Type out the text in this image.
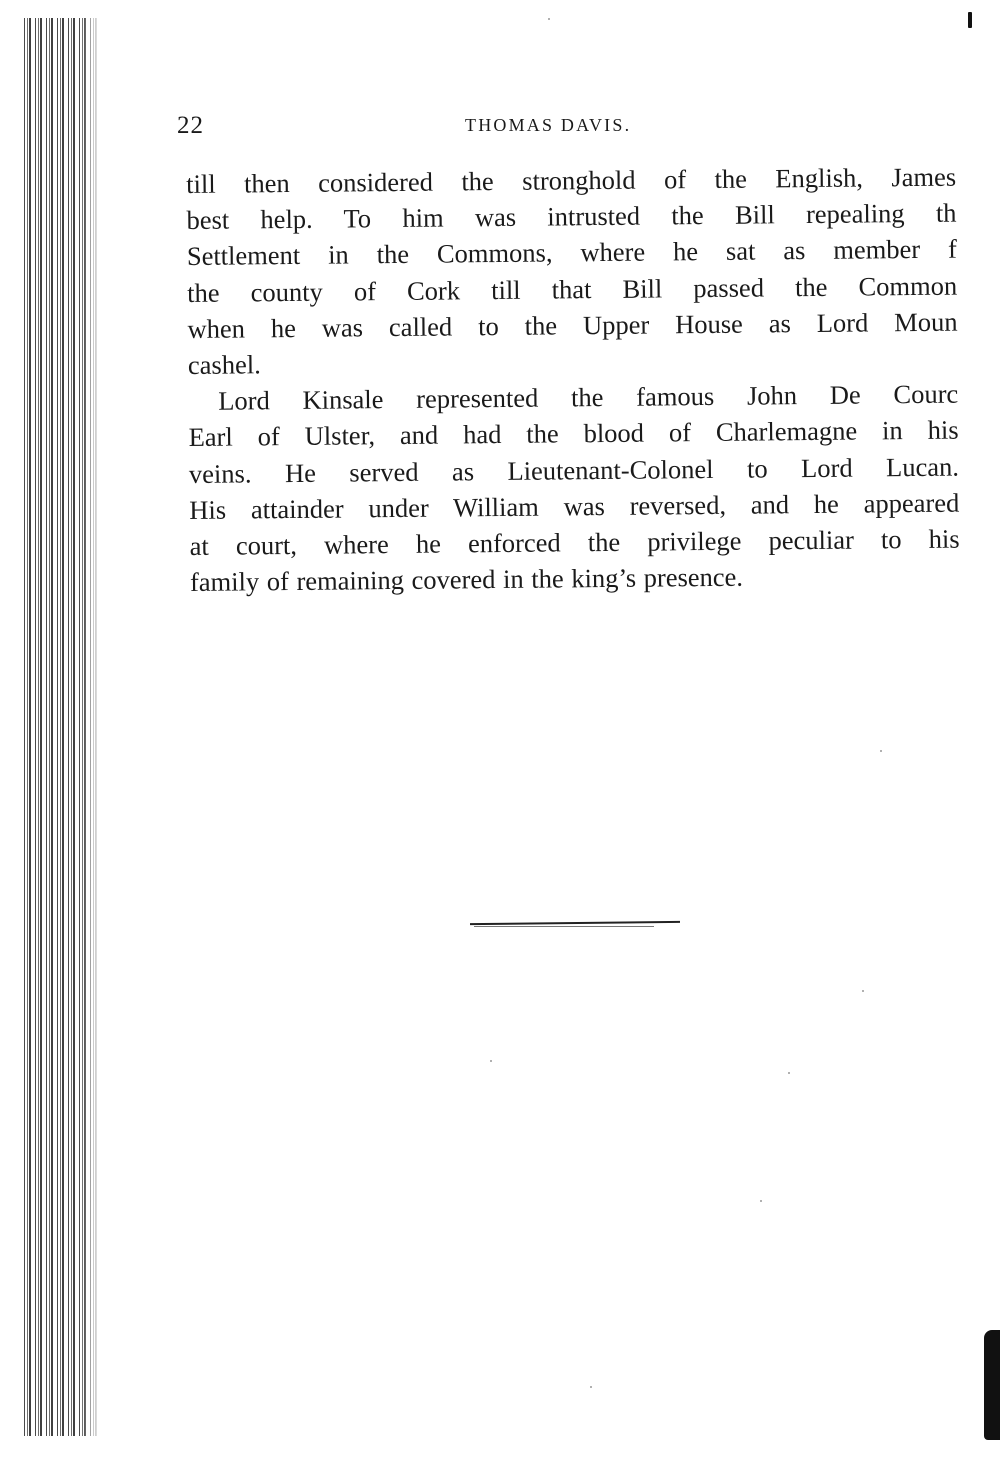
22	THOMAS DAVIS.

till then considered the stronghold of the English, James
best help. To him was intrusted the Bill repealing th
Settlement in the Commons, where he sat as member f
the county of Cork till that Bill passed the Common
when he was called to the Upper House as Lord Moun
cashel.

Lord Kinsale represented the famous John De Courc
Earl of Ulster, and had the blood of Charlemagne in his
veins. He served as Lieutenant-Colonel to Lord Lucan.
His attainder under William was reversed, and he appeared
at court, where he enforced the privilege peculiar to his
family of remaining covered in the king’s presence.
